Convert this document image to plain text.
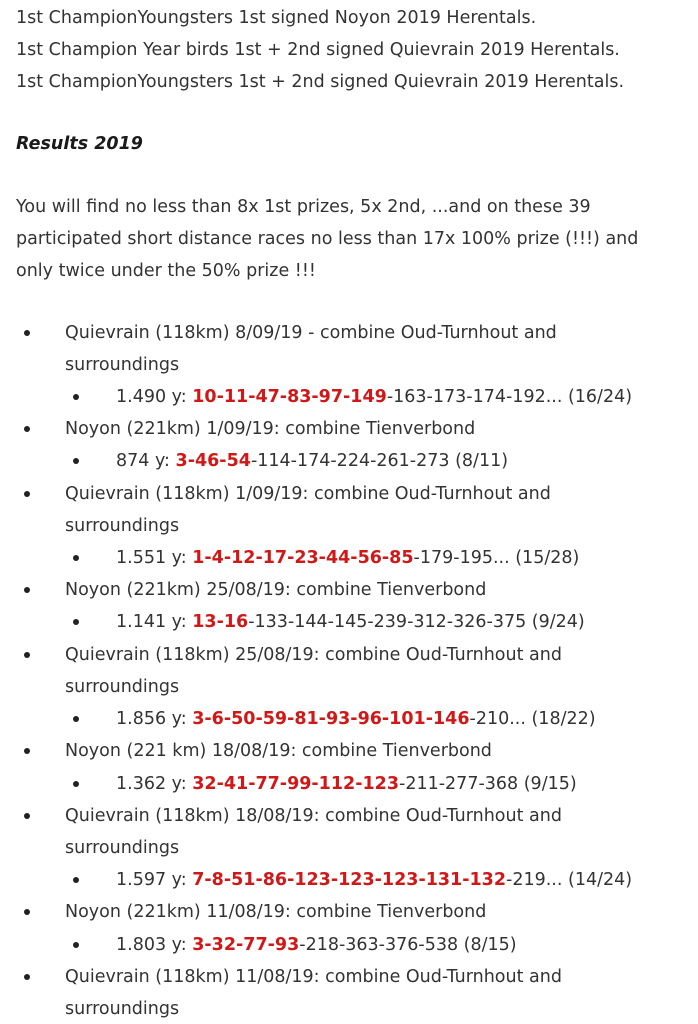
1st ChampionYoungsters 1st signed Noyon 2019 Herentals.
1st Champion Year birds 1st + 2nd signed Quievrain 2019 Herentals.
1st ChampionYoungsters 1st + 2nd signed Quievrain 2019 Herentals.
Results 2019
You will find no less than 8x 1st prizes, 5x 2nd, ...and on these 39
participated short distance races no less than 17x 100% prize (!!!) and
only twice under the 50% prize !!!
Quievrain (118km) 8/09/19 - combine Oud-Turnhout and
surroundings
1.490 y: 10-11-47-83-97-149-163-173-174-192... (16/24)
Noyon (221km) 1/09/19: combine Tienverbond
874 y: 3-46-54-114-174-224-261-273 (8/11)
Quievrain (118km) 1/09/19: combine Oud-Turnhout and
surroundings
1.551 y: 1-4-12-17-23-44-56-85-179-195... (15/28)
Noyon (221km) 25/08/19: combine Tienverbond
1.141 y: 13-16-133-144-145-239-312-326-375 (9/24)
Quievrain (118km) 25/08/19: combine Oud-Turnhout and
surroundings
1.856 y: 3-6-50-59-81-93-96-101-146-210... (18/22)
Noyon (221 km) 18/08/19: combine Tienverbond
1.362 y: 32-41-77-99-112-123-211-277-368 (9/15)
Quievrain (118km) 18/08/19: combine Oud-Turnhout and
surroundings
1.597 y: 7-8-51-86-123-123-123-131-132-219... (14/24)
Noyon (221km) 11/08/19: combine Tienverbond
1.803 y: 3-32-77-93-218-363-376-538 (8/15)
Quievrain (118km) 11/08/19: combine Oud-Turnhout and
surroundings
